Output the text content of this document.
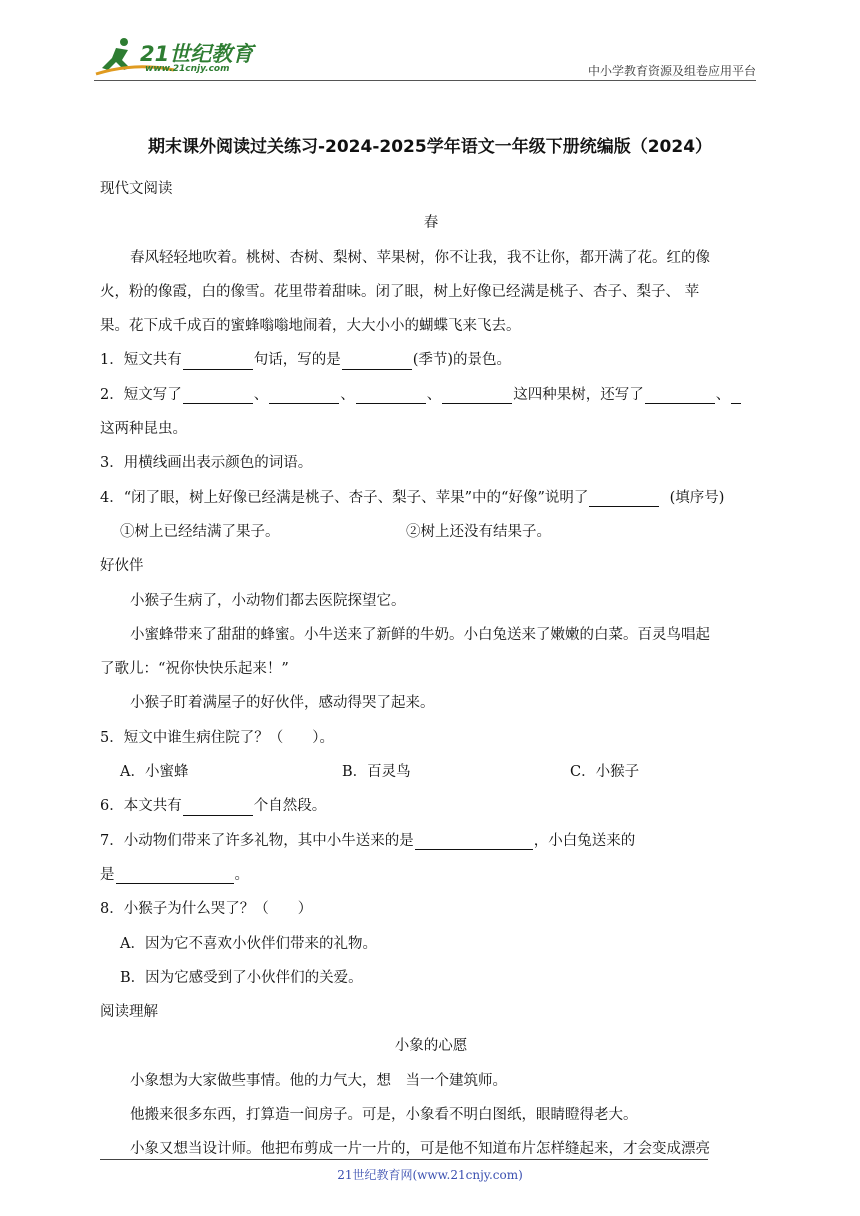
21世纪教育
www.21cnjy.com	中小学教育资源及组卷应用平台
期末课外阅读过关练习-2024-2025学年语文一年级下册统编版（2024）
现代文阅读
春
春风轻轻地吹着。桃树、杏树、梨树、苹果树，你不让我，我不让你，都开满了花。红的像
火，粉的像霞，白的像雪。花里带着甜味。闭了眼，树上好像已经满是桃子、杏子、梨子、 苹
果。花下成千成百的蜜蜂嗡嗡地闹着，大大小小的蝴蝶飞来飞去。
1．短文共有	句话，写的是	(季节)的景色。
2．短文写了	、	、	、	这四种果树，还写了	、
这两种昆虫。
3．用横线画出表示颜色的词语。
4．“闭了眼，树上好像已经满是桃子、杏子、梨子、苹果”中的“好像”说明了	(填序号)
①树上已经结满了果子。	②树上还没有结果子。
好伙伴
小猴子生病了，小动物们都去医院探望它。
小蜜蜂带来了甜甜的蜂蜜。小牛送来了新鲜的牛奶。小白兔送来了嫩嫩的白菜。百灵鸟唱起
了歌儿：“祝你快快乐起来！”
小猴子盯着满屋子的好伙伴，感动得哭了起来。
5．短文中谁生病住院了？（　　）。
A．小蜜蜂	B．百灵鸟	C．小猴子
6．本文共有	个自然段。
7．小动物们带来了许多礼物，其中小牛送来的是	，小白兔送来的
是	。
8．小猴子为什么哭了？（　　）
A．因为它不喜欢小伙伴们带来的礼物。
B．因为它感受到了小伙伴们的关爱。
阅读理解
小象的心愿
小象想为大家做些事情。他的力气大，想　当一个建筑师。
他搬来很多东西，打算造一间房子。可是，小象看不明白图纸，眼睛瞪得老大。
小象又想当设计师。他把布剪成一片一片的，可是他不知道布片怎样缝起来，才会变成漂亮
21世纪教育网(www.21cnjy.com)
